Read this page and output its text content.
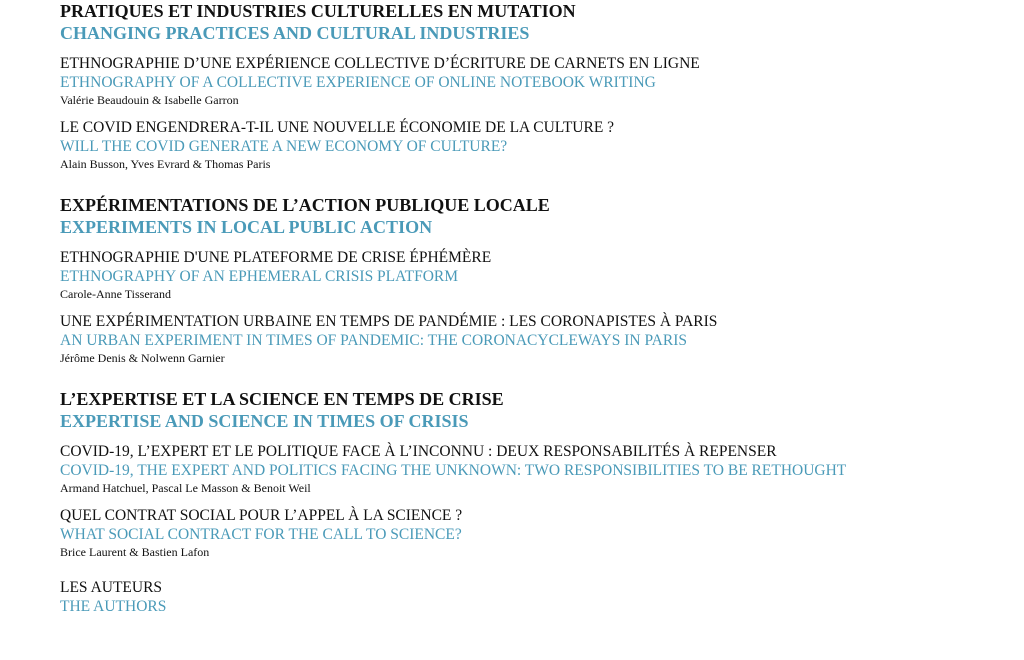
PRATIQUES ET INDUSTRIES CULTURELLES EN MUTATION
CHANGING PRACTICES AND CULTURAL INDUSTRIES
ETHNOGRAPHIE D’UNE EXPÉRIENCE COLLECTIVE D’ÉCRITURE DE CARNETS EN LIGNE
ETHNOGRAPHY OF A COLLECTIVE EXPERIENCE OF ONLINE NOTEBOOK WRITING
Valérie Beaudouin & Isabelle Garron
LE COVID ENGENDRERA-T-IL UNE NOUVELLE ÉCONOMIE DE LA CULTURE ?
WILL THE COVID GENERATE A NEW ECONOMY OF CULTURE?
Alain Busson, Yves Evrard & Thomas Paris
EXPÉRIMENTATIONS DE L’ACTION PUBLIQUE LOCALE
EXPERIMENTS IN LOCAL PUBLIC ACTION
ETHNOGRAPHIE D'UNE PLATEFORME DE CRISE ÉPHÉMÈRE
ETHNOGRAPHY OF AN EPHEMERAL CRISIS PLATFORM
Carole-Anne Tisserand
UNE EXPÉRIMENTATION URBAINE EN TEMPS DE PANDÉMIE : LES CORONAPISTES À PARIS
AN URBAN EXPERIMENT IN TIMES OF PANDEMIC: THE CORONACYCLEWAYS IN PARIS
Jérôme Denis & Nolwenn Garnier
L’EXPERTISE ET LA SCIENCE EN TEMPS DE CRISE
EXPERTISE AND SCIENCE IN TIMES OF CRISIS
COVID-19, L’EXPERT ET LE POLITIQUE FACE À L’INCONNU : DEUX RESPONSABILITÉS À REPENSER
COVID-19, THE EXPERT AND POLITICS FACING THE UNKNOWN: TWO RESPONSIBILITIES TO BE RETHOUGHT
Armand Hatchuel, Pascal Le Masson & Benoit Weil
QUEL CONTRAT SOCIAL POUR L’APPEL À LA SCIENCE ?
WHAT SOCIAL CONTRACT FOR THE CALL TO SCIENCE?
Brice Laurent & Bastien Lafon
LES AUTEURS
THE AUTHORS
